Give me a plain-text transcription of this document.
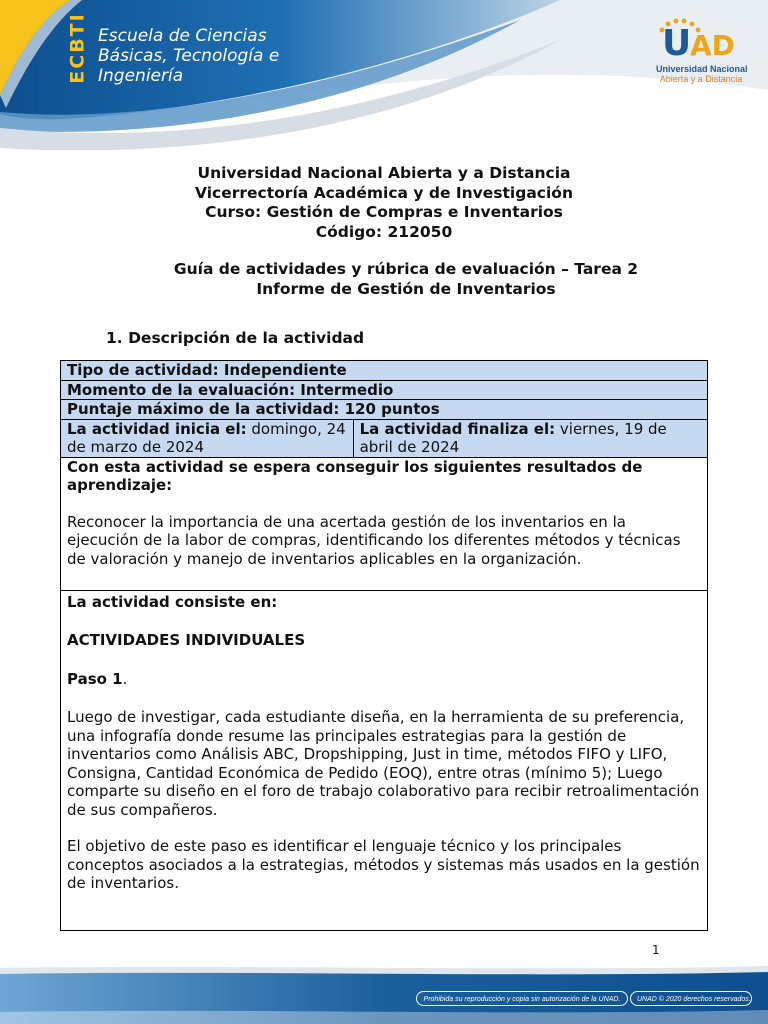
ECBTI Escuela de Ciencias
Básicas, Tecnología e
Ingeniería
U
AD
Universidad Nacional
Abierta y a Distancia
Universidad Nacional Abierta y a Distancia
Vicerrectoría Académica y de Investigación
Curso: Gestión de Compras e Inventarios
Código: 212050
Guía de actividades y rúbrica de evaluación – Tarea 2
Informe de Gestión de Inventarios
1. Descripción de la actividad
Tipo de actividad: Independiente
Momento de la evaluación: Intermedio
Puntaje máximo de la actividad: 120 puntos
La actividad inicia el: domingo, 24 de marzo de 2024	La actividad finaliza el: viernes, 19 de abril de 2024

Con esta actividad se espera conseguir los siguientes resultados de aprendizaje:

Reconocer la importancia de una acertada gestión de los inventarios en la ejecución de la labor de compras, identificando los diferentes métodos y técnicas de valoración y manejo de inventarios aplicables en la organización.

La actividad consiste en:

ACTIVIDADES INDIVIDUALES

Paso 1.

Luego de investigar, cada estudiante diseña, en la herramienta de su preferencia, una infografía donde resume las principales estrategias para la gestión de inventarios como Análisis ABC, Dropshipping, Just in time, métodos FIFO y LIFO, Consigna, Cantidad Económica de Pedido (EOQ), entre otras (mínimo 5); Luego comparte su diseño en el foro de trabajo colaborativo para recibir retroalimentación de sus compañeros.

El objetivo de este paso es identificar el lenguaje técnico y los principales conceptos asociados a la estrategias, métodos y sistemas más usados en la gestión de inventarios.

1
Prohibida su reproducción y copia sin autorización de la UNAD.	UNAD © 2020 derechos reservados.
